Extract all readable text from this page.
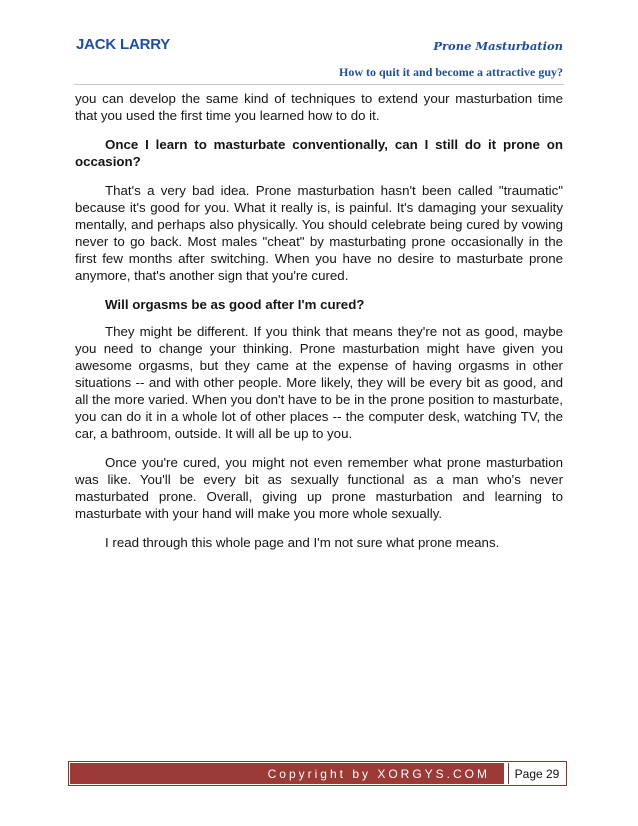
JACK LARRY	Prone Masturbation
How to quit it and become a attractive guy?

you can develop the same kind of techniques to extend your masturbation time that you used the first time you learned how to do it.

Once I learn to masturbate conventionally, can I still do it prone on occasion?

That's a very bad idea. Prone masturbation hasn't been called "traumatic" because it's good for you. What it really is, is painful. It's damaging your sexuality mentally, and perhaps also physically. You should celebrate being cured by vowing never to go back. Most males "cheat" by masturbating prone occasionally in the first few months after switching. When you have no desire to masturbate prone anymore, that's another sign that you're cured.

Will orgasms be as good after I'm cured?

They might be different. If you think that means they're not as good, maybe you need to change your thinking. Prone masturbation might have given you awesome orgasms, but they came at the expense of having orgasms in other situations -- and with other people. More likely, they will be every bit as good, and all the more varied. When you don't have to be in the prone position to masturbate, you can do it in a whole lot of other places -- the computer desk, watching TV, the car, a bathroom, outside. It will all be up to you.

Once you're cured, you might not even remember what prone masturbation was like. You'll be every bit as sexually functional as a man who's never masturbated prone. Overall, giving up prone masturbation and learning to masturbate with your hand will make you more whole sexually.

I read through this whole page and I'm not sure what prone means.

Copyright by XORGYS.COM	Page 29
